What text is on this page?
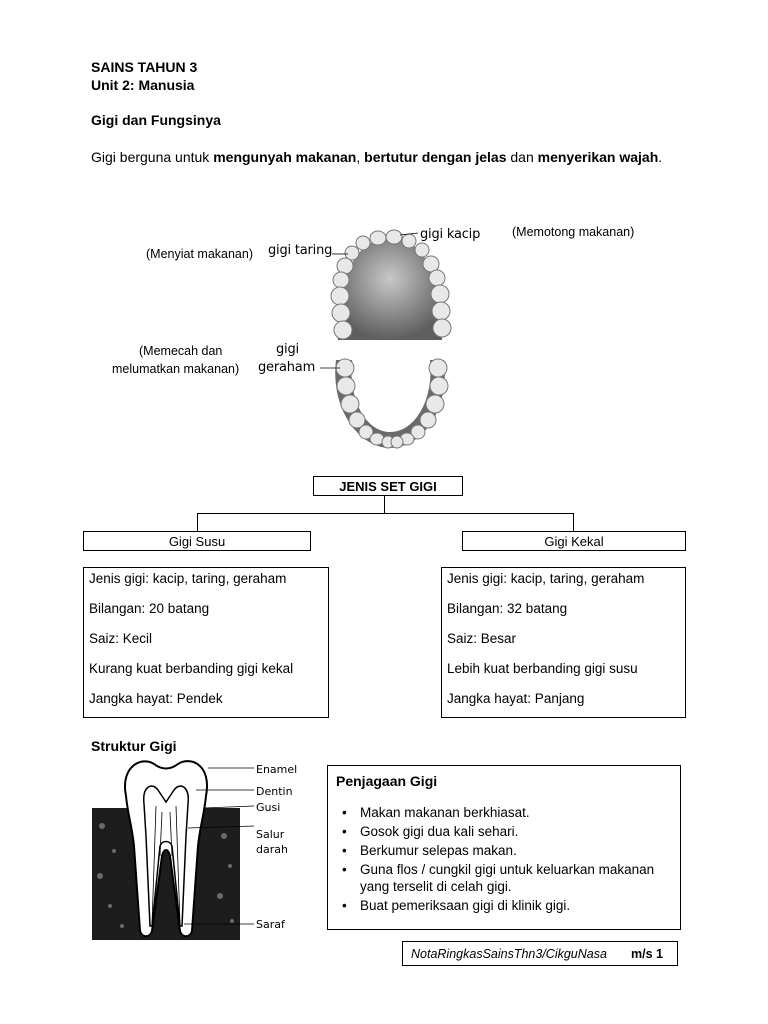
SAINS TAHUN 3
Unit 2: Manusia
Gigi dan Fungsinya
Gigi berguna untuk mengunyah makanan, bertutur dengan jelas dan menyerikan wajah.
(Menyiat makanan) gigi taring
gigi kacip	(Memotong makanan)
(Memecah dan
melumatkan makanan)
gigi
geraham
JENIS SET GIGI
Gigi Susu	Gigi Kekal

Jenis gigi: kacip, taring, geraham

Bilangan: 20 batang

Saiz: Kecil

Kurang kuat berbanding gigi kekal

Jangka hayat: Pendek

Jenis gigi: kacip, taring, geraham

Bilangan: 32 batang

Saiz: Besar

Lebih kuat berbanding gigi susu

Jangka hayat: Panjang

Struktur Gigi
Enamel
Dentin
Gusi
Salur
darah
Saraf
Penjagaan Gigi
• Makan makanan berkhiasat.
• Gosok gigi dua kali sehari.
• Berkumur selepas makan.
• Guna flos / cungkil gigi untuk keluarkan makanan yang terselit di celah gigi.
• Buat pemeriksaan gigi di klinik gigi.
NotaRingkasSainsThn3/CikguNasa m/s 1
